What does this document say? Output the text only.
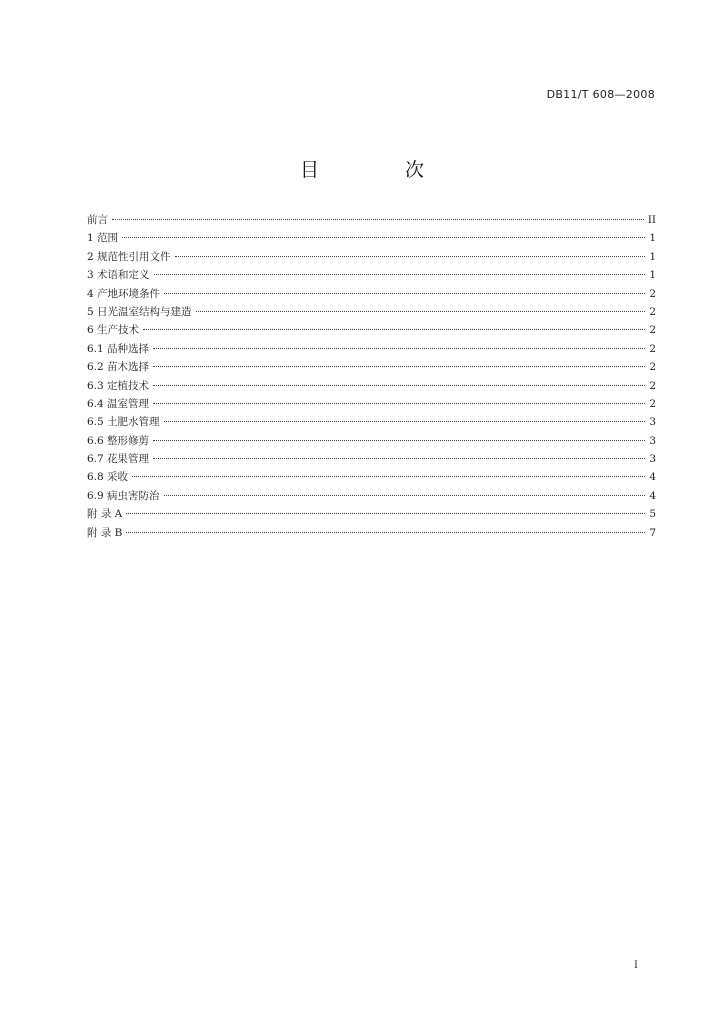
DB11/T 608—2008
目 次
前言	II
1 范围	1
2 规范性引用文件	1
3 术语和定义	1
4 产地环境条件	2
5 日光温室结构与建造	2
6 生产技术	2
6.1 品种选择	2
6.2 苗木选择	2
6.3 定植技术	2
6.4 温室管理	2
6.5 土肥水管理	3
6.6 整形修剪	3
6.7 花果管理	3
6.8 采收	4
6.9 病虫害防治	4
附 录 A	5
附 录 B	7
I
